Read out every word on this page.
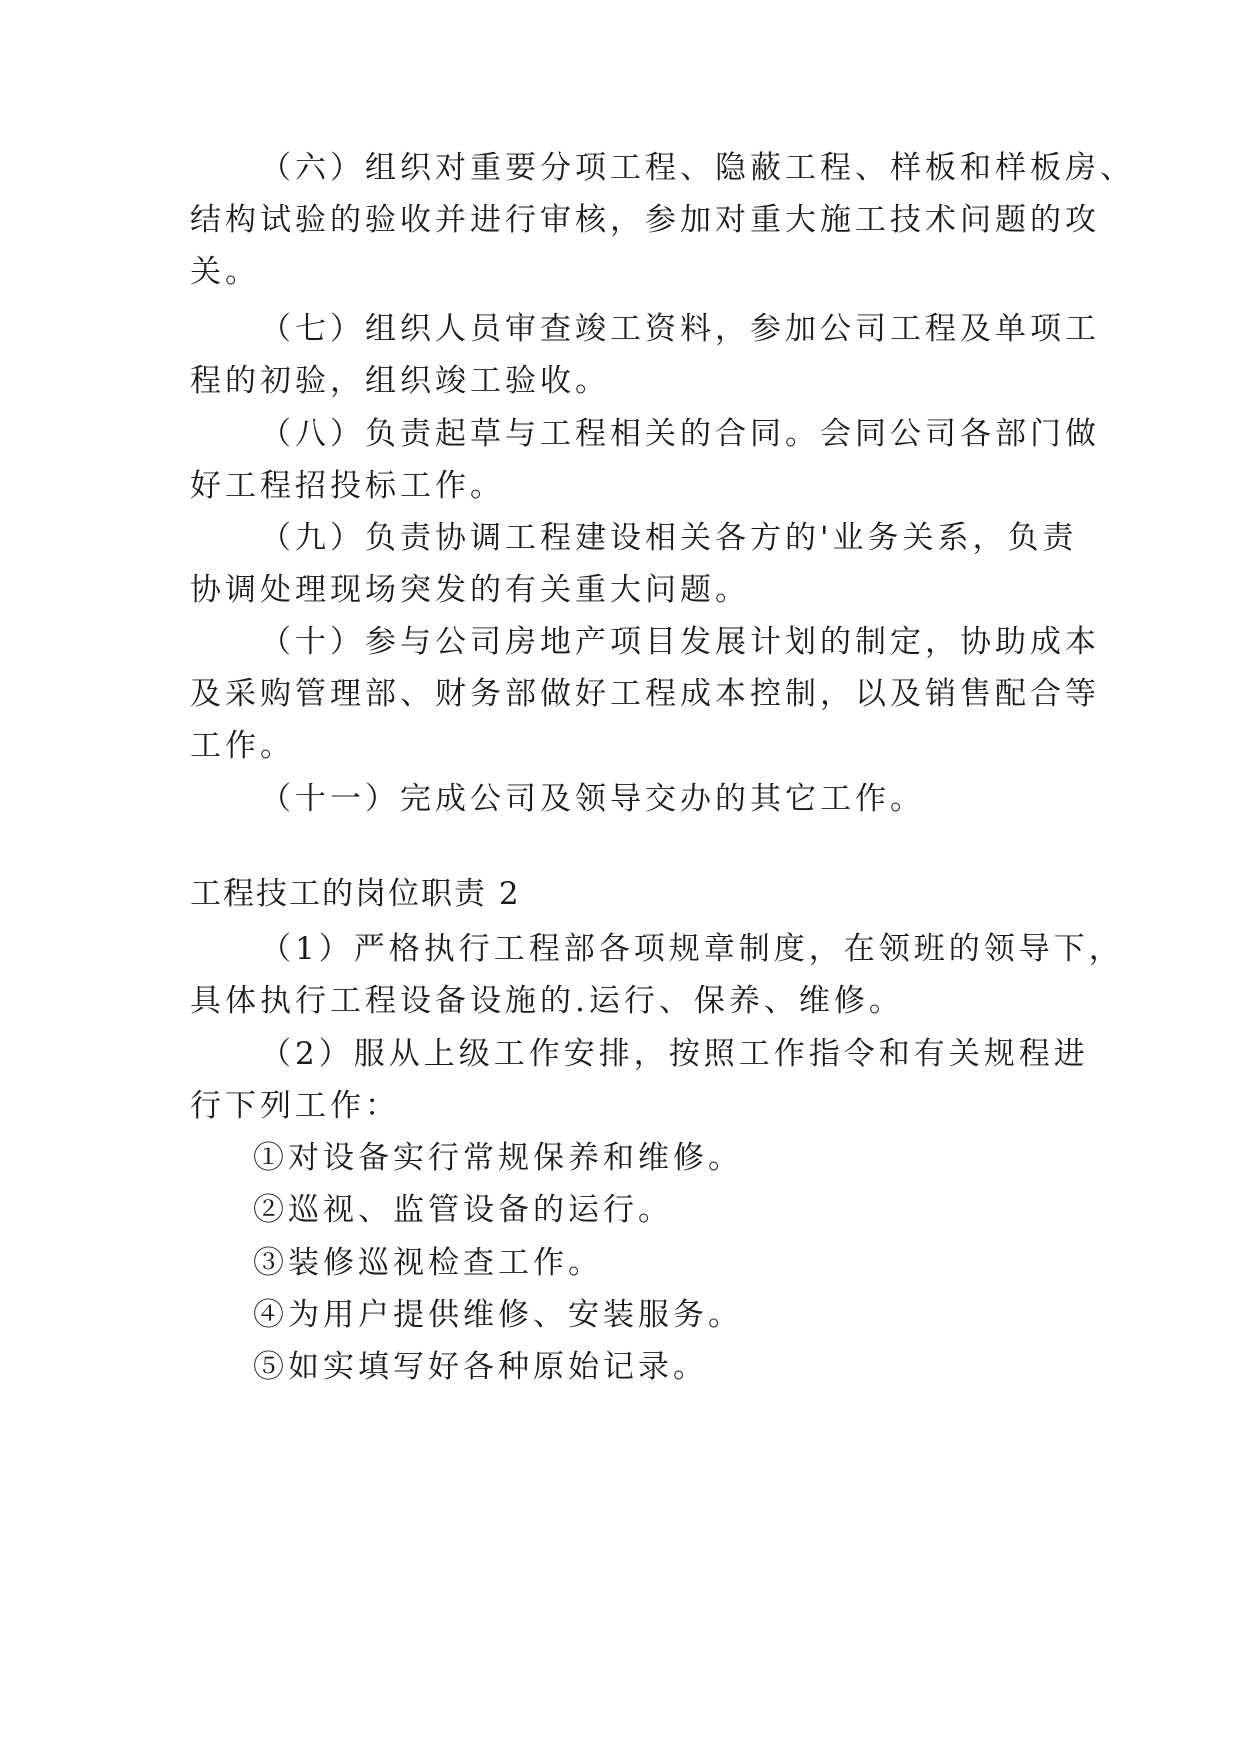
（六）组织对重要分项工程、隐蔽工程、样板和样板房、
结构试验的验收并进行审核，参加对重大施工技术问题的攻
关。
（七）组织人员审查竣工资料，参加公司工程及单项工
程的初验，组织竣工验收。
（八）负责起草与工程相关的合同。会同公司各部门做
好工程招投标工作。
（九）负责协调工程建设相关各方的'业务关系，负责
协调处理现场突发的有关重大问题。
（十）参与公司房地产项目发展计划的制定，协助成本
及采购管理部、财务部做好工程成本控制，以及销售配合等
工作。
（十一）完成公司及领导交办的其它工作。
工程技工的岗位职责 2
（1）严格执行工程部各项规章制度，在领班的领导下，
具体执行工程设备设施的.运行、保养、维修。
（2）服从上级工作安排，按照工作指令和有关规程进
行下列工作：
①对设备实行常规保养和维修。
②巡视、监管设备的运行。
③装修巡视检查工作。
④为用户提供维修、安装服务。
⑤如实填写好各种原始记录。
